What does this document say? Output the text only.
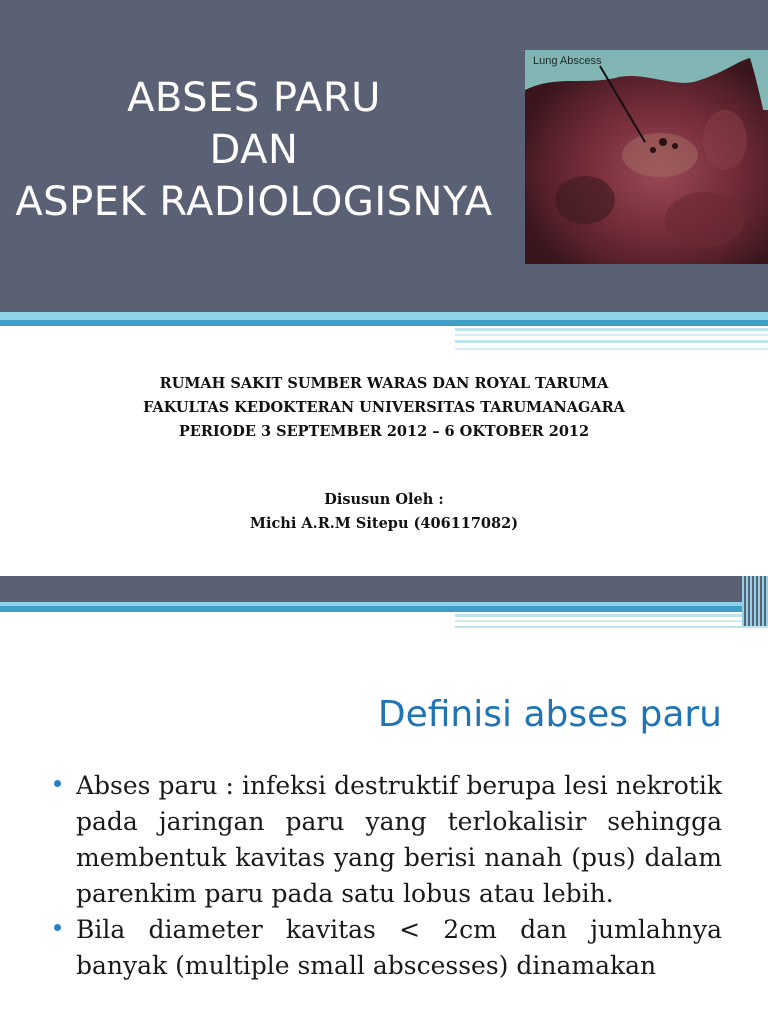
ABSES PARU
DAN
ASPEK RADIOLOGISNYA
Lung Abscess
RUMAH SAKIT SUMBER WARAS DAN ROYAL TARUMA
FAKULTAS KEDOKTERAN UNIVERSITAS TARUMANAGARA
PERIODE 3 SEPTEMBER 2012 – 6 OKTOBER 2012
Disusun Oleh :
Michi A.R.M Sitepu (406117082)
Definisi abses paru
Abses paru : infeksi destruktif berupa lesi nekrotik pada jaringan paru yang terlokalisir sehingga membentuk kavitas yang berisi nanah (pus) dalam parenkim paru pada satu lobus atau lebih.
Bila diameter kavitas < 2cm dan jumlahnya banyak (multiple small abscesses) dinamakan
